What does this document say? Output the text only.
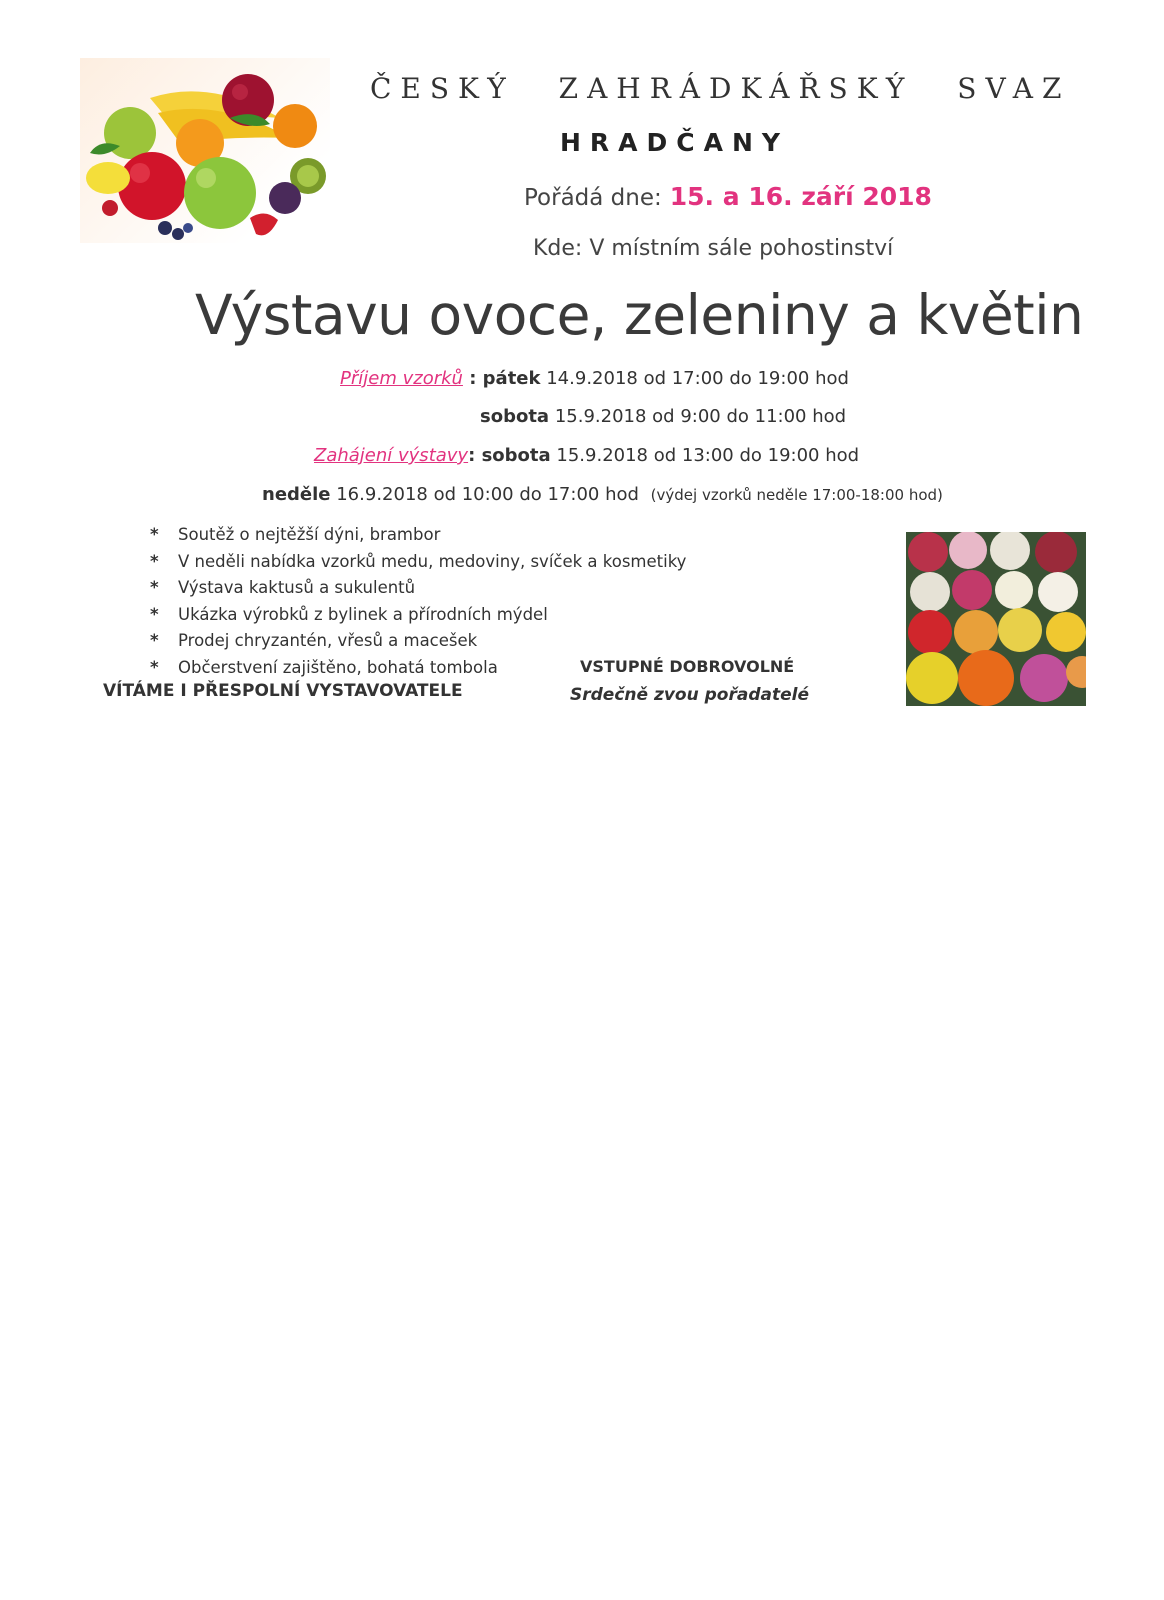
ČESKÝ ZAHRÁDKÁŘSKÝ SVAZ
HRADČANY
Pořádá dne: 15. a 16. září 2018
Kde: V místním sále pohostinství
Výstavu ovoce, zeleniny a květin
Příjem vzorků : pátek 14.9.2018 od 17:00 do 19:00 hod
sobota 15.9.2018 od 9:00 do 11:00 hod
Zahájení výstavy: sobota 15.9.2018 od 13:00 do 19:00 hod
neděle 16.9.2018 od 10:00 do 17:00 hod (výdej vzorků neděle 17:00-18:00 hod)
* Soutěž o nejtěžší dýni, brambor
* V neděli nabídka vzorků medu, medoviny, svíček a kosmetiky
* Výstava kaktusů a sukulentů
* Ukázka výrobků z bylinek a přírodních mýdel
* Prodej chryzantén, vřesů a macešek
* Občerstvení zajištěno, bohatá tombola
VÍTÁME I PŘESPOLNÍ VYSTAVOVATELE
VSTUPNÉ DOBROVOLNÉ
Srdečně zvou pořadatelé
